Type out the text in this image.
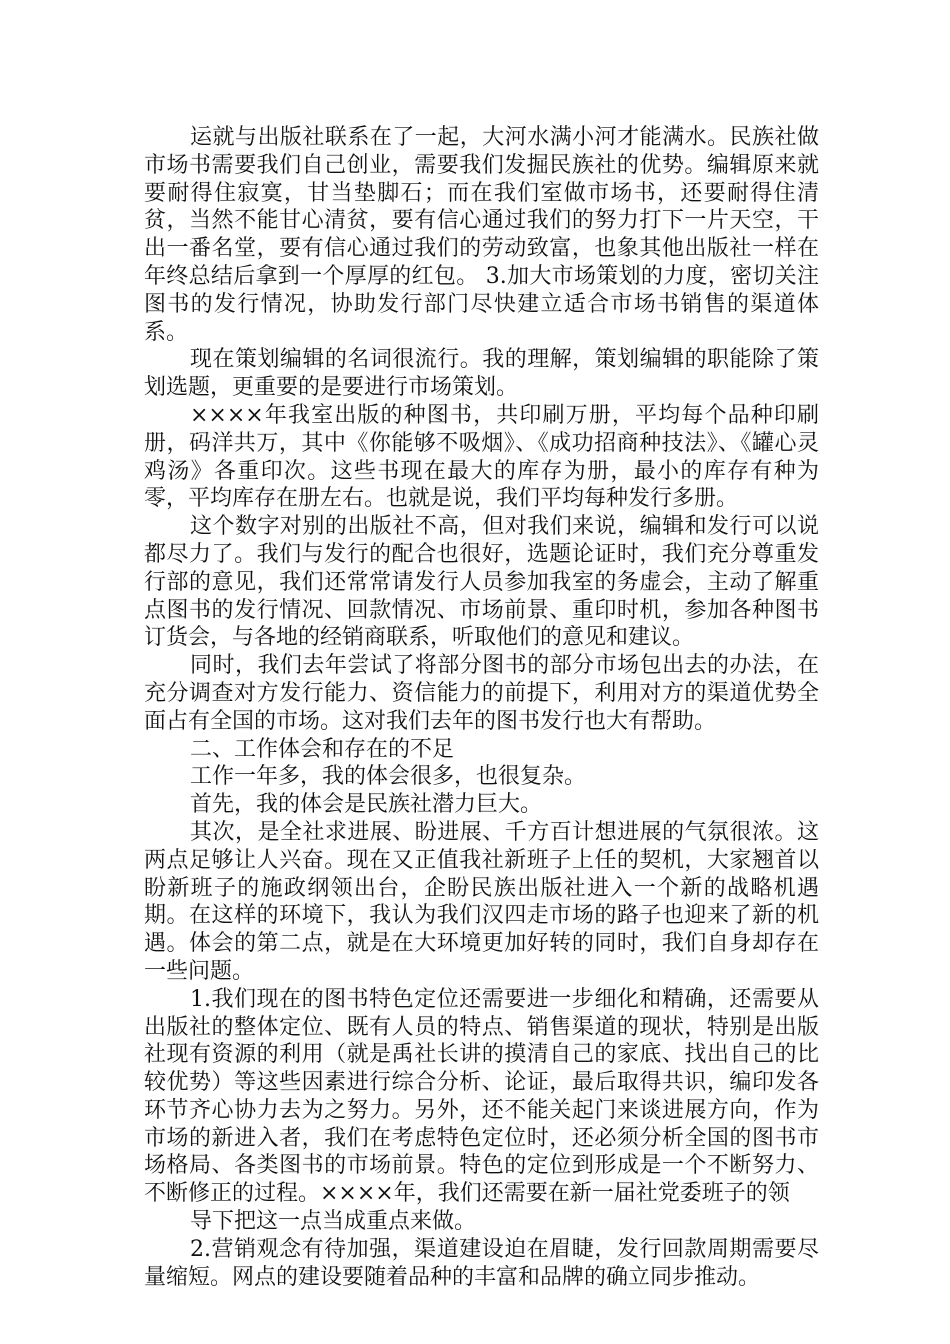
运就与出版社联系在了一起，大河水满小河才能满水。民族社做市场书需要我们自己创业，需要我们发掘民族社的优势。编辑原来就要耐得住寂寞，甘当垫脚石；而在我们室做市场书，还要耐得住清贫，当然不能甘心清贫，要有信心通过我们的努力打下一片天空，干出一番名堂，要有信心通过我们的劳动致富，也象其他出版社一样在年终总结后拿到一个厚厚的红包。 3.加大市场策划的力度，密切关注图书的发行情况，协助发行部门尽快建立适合市场书销售的渠道体系。

现在策划编辑的名词很流行。我的理解，策划编辑的职能除了策划选题，更重要的是要进行市场策划。

××××年我室出版的种图书，共印刷万册，平均每个品种印刷册，码洋共万，其中《你能够不吸烟》、《成功招商种技法》、《罐心灵鸡汤》各重印次。这些书现在最大的库存为册，最小的库存有种为零，平均库存在册左右。也就是说，我们平均每种发行多册。

这个数字对别的出版社不高，但对我们来说，编辑和发行可以说都尽力了。我们与发行的配合也很好，选题论证时，我们充分尊重发行部的意见，我们还常常请发行人员参加我室的务虚会，主动了解重点图书的发行情况、回款情况、市场前景、重印时机，参加各种图书订货会，与各地的经销商联系，听取他们的意见和建议。

同时，我们去年尝试了将部分图书的部分市场包出去的办法，在充分调查对方发行能力、资信能力的前提下，利用对方的渠道优势全面占有全国的市场。这对我们去年的图书发行也大有帮助。

二、工作体会和存在的不足

工作一年多，我的体会很多，也很复杂。

首先，我的体会是民族社潜力巨大。

其次，是全社求进展、盼进展、千方百计想进展的气氛很浓。这两点足够让人兴奋。现在又正值我社新班子上任的契机，大家翘首以盼新班子的施政纲领出台，企盼民族出版社进入一个新的战略机遇期。在这样的环境下，我认为我们汉四走市场的路子也迎来了新的机遇。体会的第二点，就是在大环境更加好转的同时，我们自身却存在一些问题。

1.我们现在的图书特色定位还需要进一步细化和精确，还需要从出版社的整体定位、既有人员的特点、销售渠道的现状，特别是出版社现有资源的利用（就是禹社长讲的摸清自己的家底、找出自己的比较优势）等这些因素进行综合分析、论证，最后取得共识，编印发各环节齐心协力去为之努力。另外，还不能关起门来谈进展方向，作为市场的新进入者，我们在考虑特色定位时，还必须分析全国的图书市场格局、各类图书的市场前景。特色的定位到形成是一个不断努力、不断修正的过程。××××年，我们还需要在新一届社党委班子的领

导下把这一点当成重点来做。

2.营销观念有待加强，渠道建设迫在眉睫，发行回款周期需要尽量缩短。网点的建设要随着品种的丰富和品牌的确立同步推动。
